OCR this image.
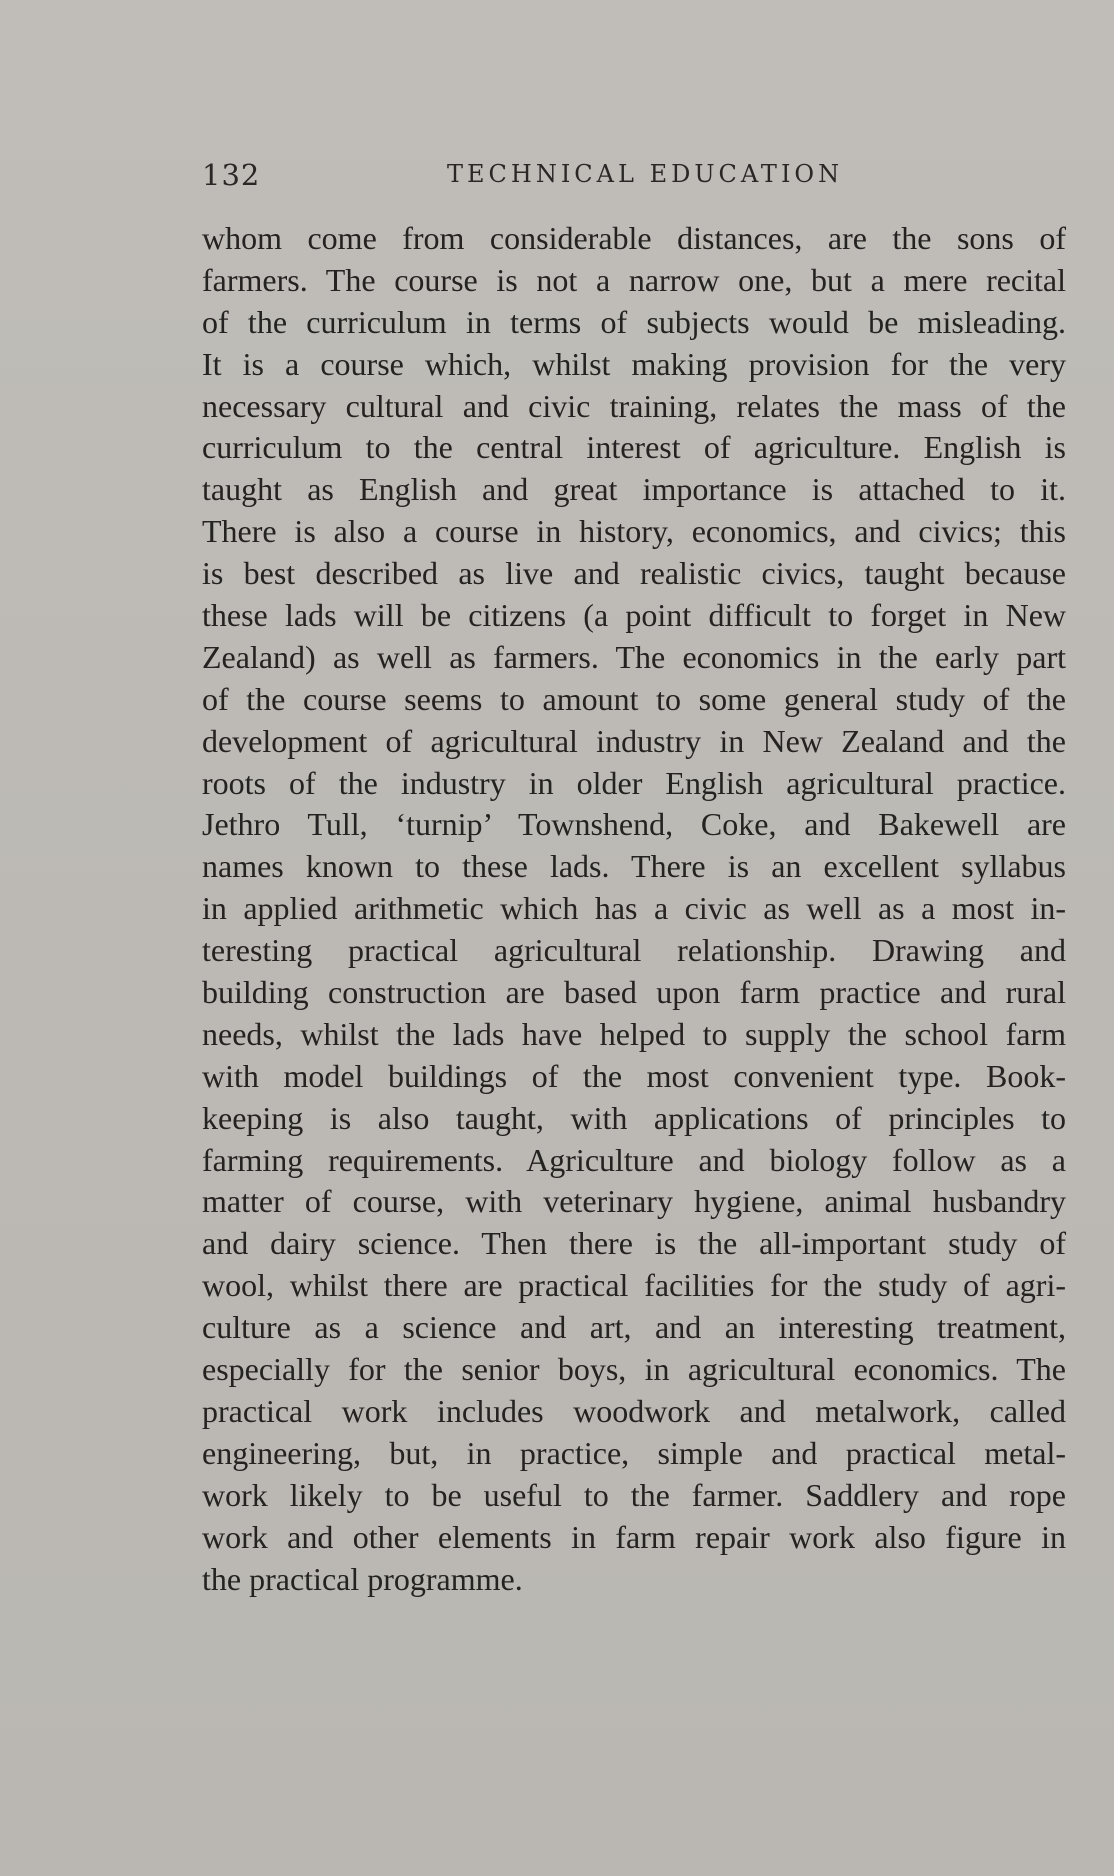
132	TECHNICAL EDUCATION
whom come from considerable distances, are the sons of
farmers. The course is not a narrow one, but a mere recital
of the curriculum in terms of subjects would be misleading.
It is a course which, whilst making provision for the very
necessary cultural and civic training, relates the mass of the
curriculum to the central interest of agriculture. English is
taught as English and great importance is attached to it.
There is also a course in history, economics, and civics; this
is best described as live and realistic civics, taught because
these lads will be citizens (a point difficult to forget in New
Zealand) as well as farmers. The economics in the early part
of the course seems to amount to some general study of the
development of agricultural industry in New Zealand and the
roots of the industry in older English agricultural practice.
Jethro Tull, ‘turnip’ Townshend, Coke, and Bakewell are
names known to these lads. There is an excellent syllabus
in applied arithmetic which has a civic as well as a most in-
teresting practical agricultural relationship. Drawing and
building construction are based upon farm practice and rural
needs, whilst the lads have helped to supply the school farm
with model buildings of the most convenient type. Book-
keeping is also taught, with applications of principles to
farming requirements. Agriculture and biology follow as a
matter of course, with veterinary hygiene, animal husbandry
and dairy science. Then there is the all-important study of
wool, whilst there are practical facilities for the study of agri-
culture as a science and art, and an interesting treatment,
especially for the senior boys, in agricultural economics. The
practical work includes woodwork and metalwork, called
engineering, but, in practice, simple and practical metal-
work likely to be useful to the farmer. Saddlery and rope
work and other elements in farm repair work also figure in
the practical programme.
